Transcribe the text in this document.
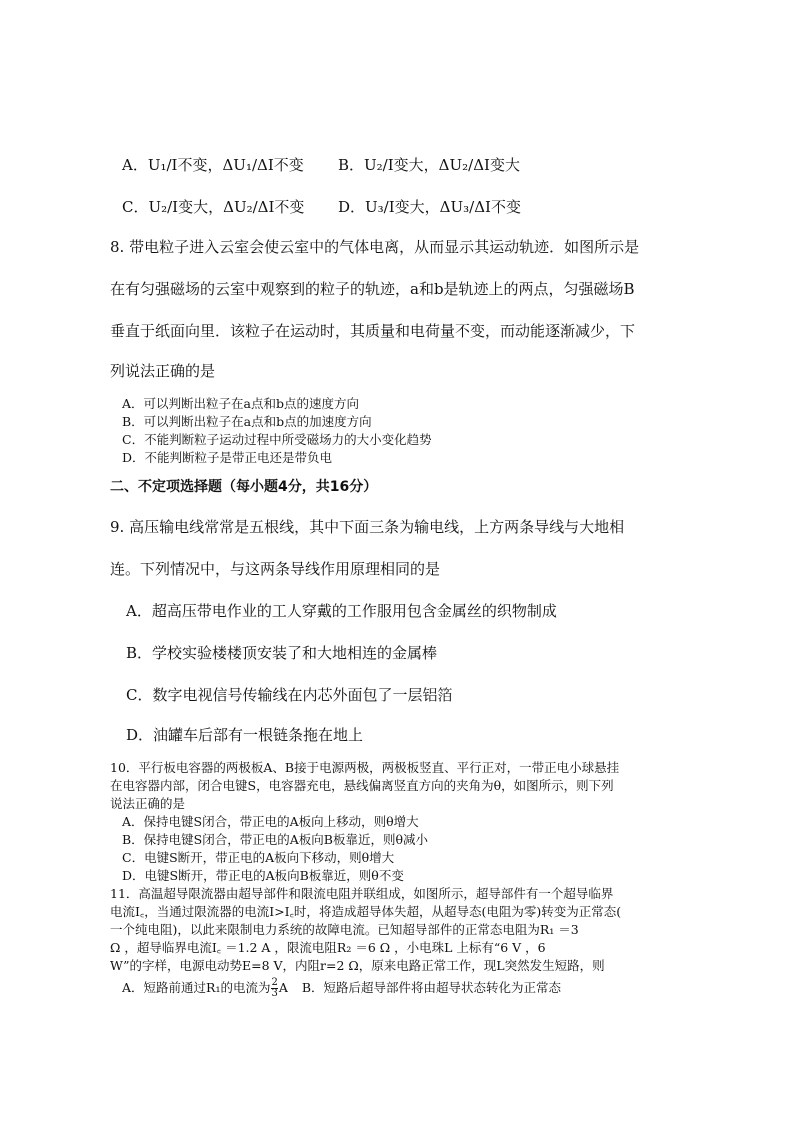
A．U₁/I不变，ΔU₁/ΔI不变 B．U₂/I变大，ΔU₂/ΔI变大
C．U₂/I变大，ΔU₂/ΔI不变 D．U₃/I变大，ΔU₃/ΔI不变
8. 带电粒子进入云室会使云室中的气体电离，从而显示其运动轨迹．如图所示是
在有匀强磁场的云室中观察到的粒子的轨迹，a和b是轨迹上的两点，匀强磁场B
垂直于纸面向里．该粒子在运动时，其质量和电荷量不变，而动能逐渐减少，下
列说法正确的是
A．可以判断出粒子在a点和b点的速度方向
B．可以判断出粒子在a点和b点的加速度方向
C．不能判断粒子运动过程中所受磁场力的大小变化趋势
D．不能判断粒子是带正电还是带负电
二、不定项选择题（每小题4分，共16分）
9. 高压输电线常常是五根线，其中下面三条为输电线，上方两条导线与大地相
连。下列情况中，与这两条导线作用原理相同的是
A．超高压带电作业的工人穿戴的工作服用包含金属丝的织物制成
B．学校实验楼楼顶安装了和大地相连的金属棒
C．数字电视信号传输线在内芯外面包了一层铝箔
D．油罐车后部有一根链条拖在地上
10．平行板电容器的两极板A、B接于电源两极，两极板竖直、平行正对，一带正电小球悬挂
在电容器内部，闭合电键S，电容器充电，悬线偏离竖直方向的夹角为θ，如图所示，则下列
说法正确的是
A．保持电键S闭合，带正电的A板向上移动，则θ增大
B．保持电键S闭合，带正电的A板向B板靠近，则θ减小
C．电键S断开，带正电的A板向下移动，则θ增大
D．电键S断开，带正电的A板向B板靠近，则θ不变
11．高温超导限流器由超导部件和限流电阻并联组成，如图所示，超导部件有一个超导临界
电流I꜀，当通过限流器的电流I>I꜀时，将造成超导体失超，从超导态(电阻为零)转变为正常态(
一个纯电阻)，以此来限制电力系统的故障电流。已知超导部件的正常态电阻为R₁ ＝3
Ω ，超导临界电流I꜀ ＝1.2 A ，限流电阻R₂ ＝6 Ω ，小电珠L 上标有“6 V ，6
W”的字样，电源电动势E=8 V，内阻r=2 Ω，原来电路正常工作，现L突然发生短路，则
A．短路前通过R₁的电流为 $\frac{2}{3}$ A B．短路后超导部件将由超导状态转化为正常态
